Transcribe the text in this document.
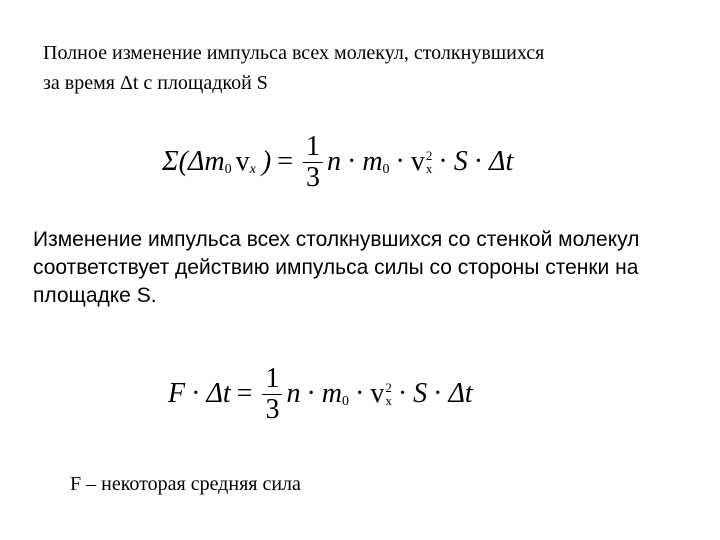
Полное изменение импульса всех молекул, столкнувшихся
за время Δt с площадкой S

Σ( Δ m 0 v x ) = $\frac{1}{3}$ n · m 0 · v 2
x · S · Δt

Изменение импульса всех столкнувшихся со стенкой молекул соответствует действию импульса силы со стороны стенки на площадке S.

$F \cdot \Delta t = \frac{1}{3}$ n · m 0 · v 2
x · S · Δt

F – некоторая средняя сила
